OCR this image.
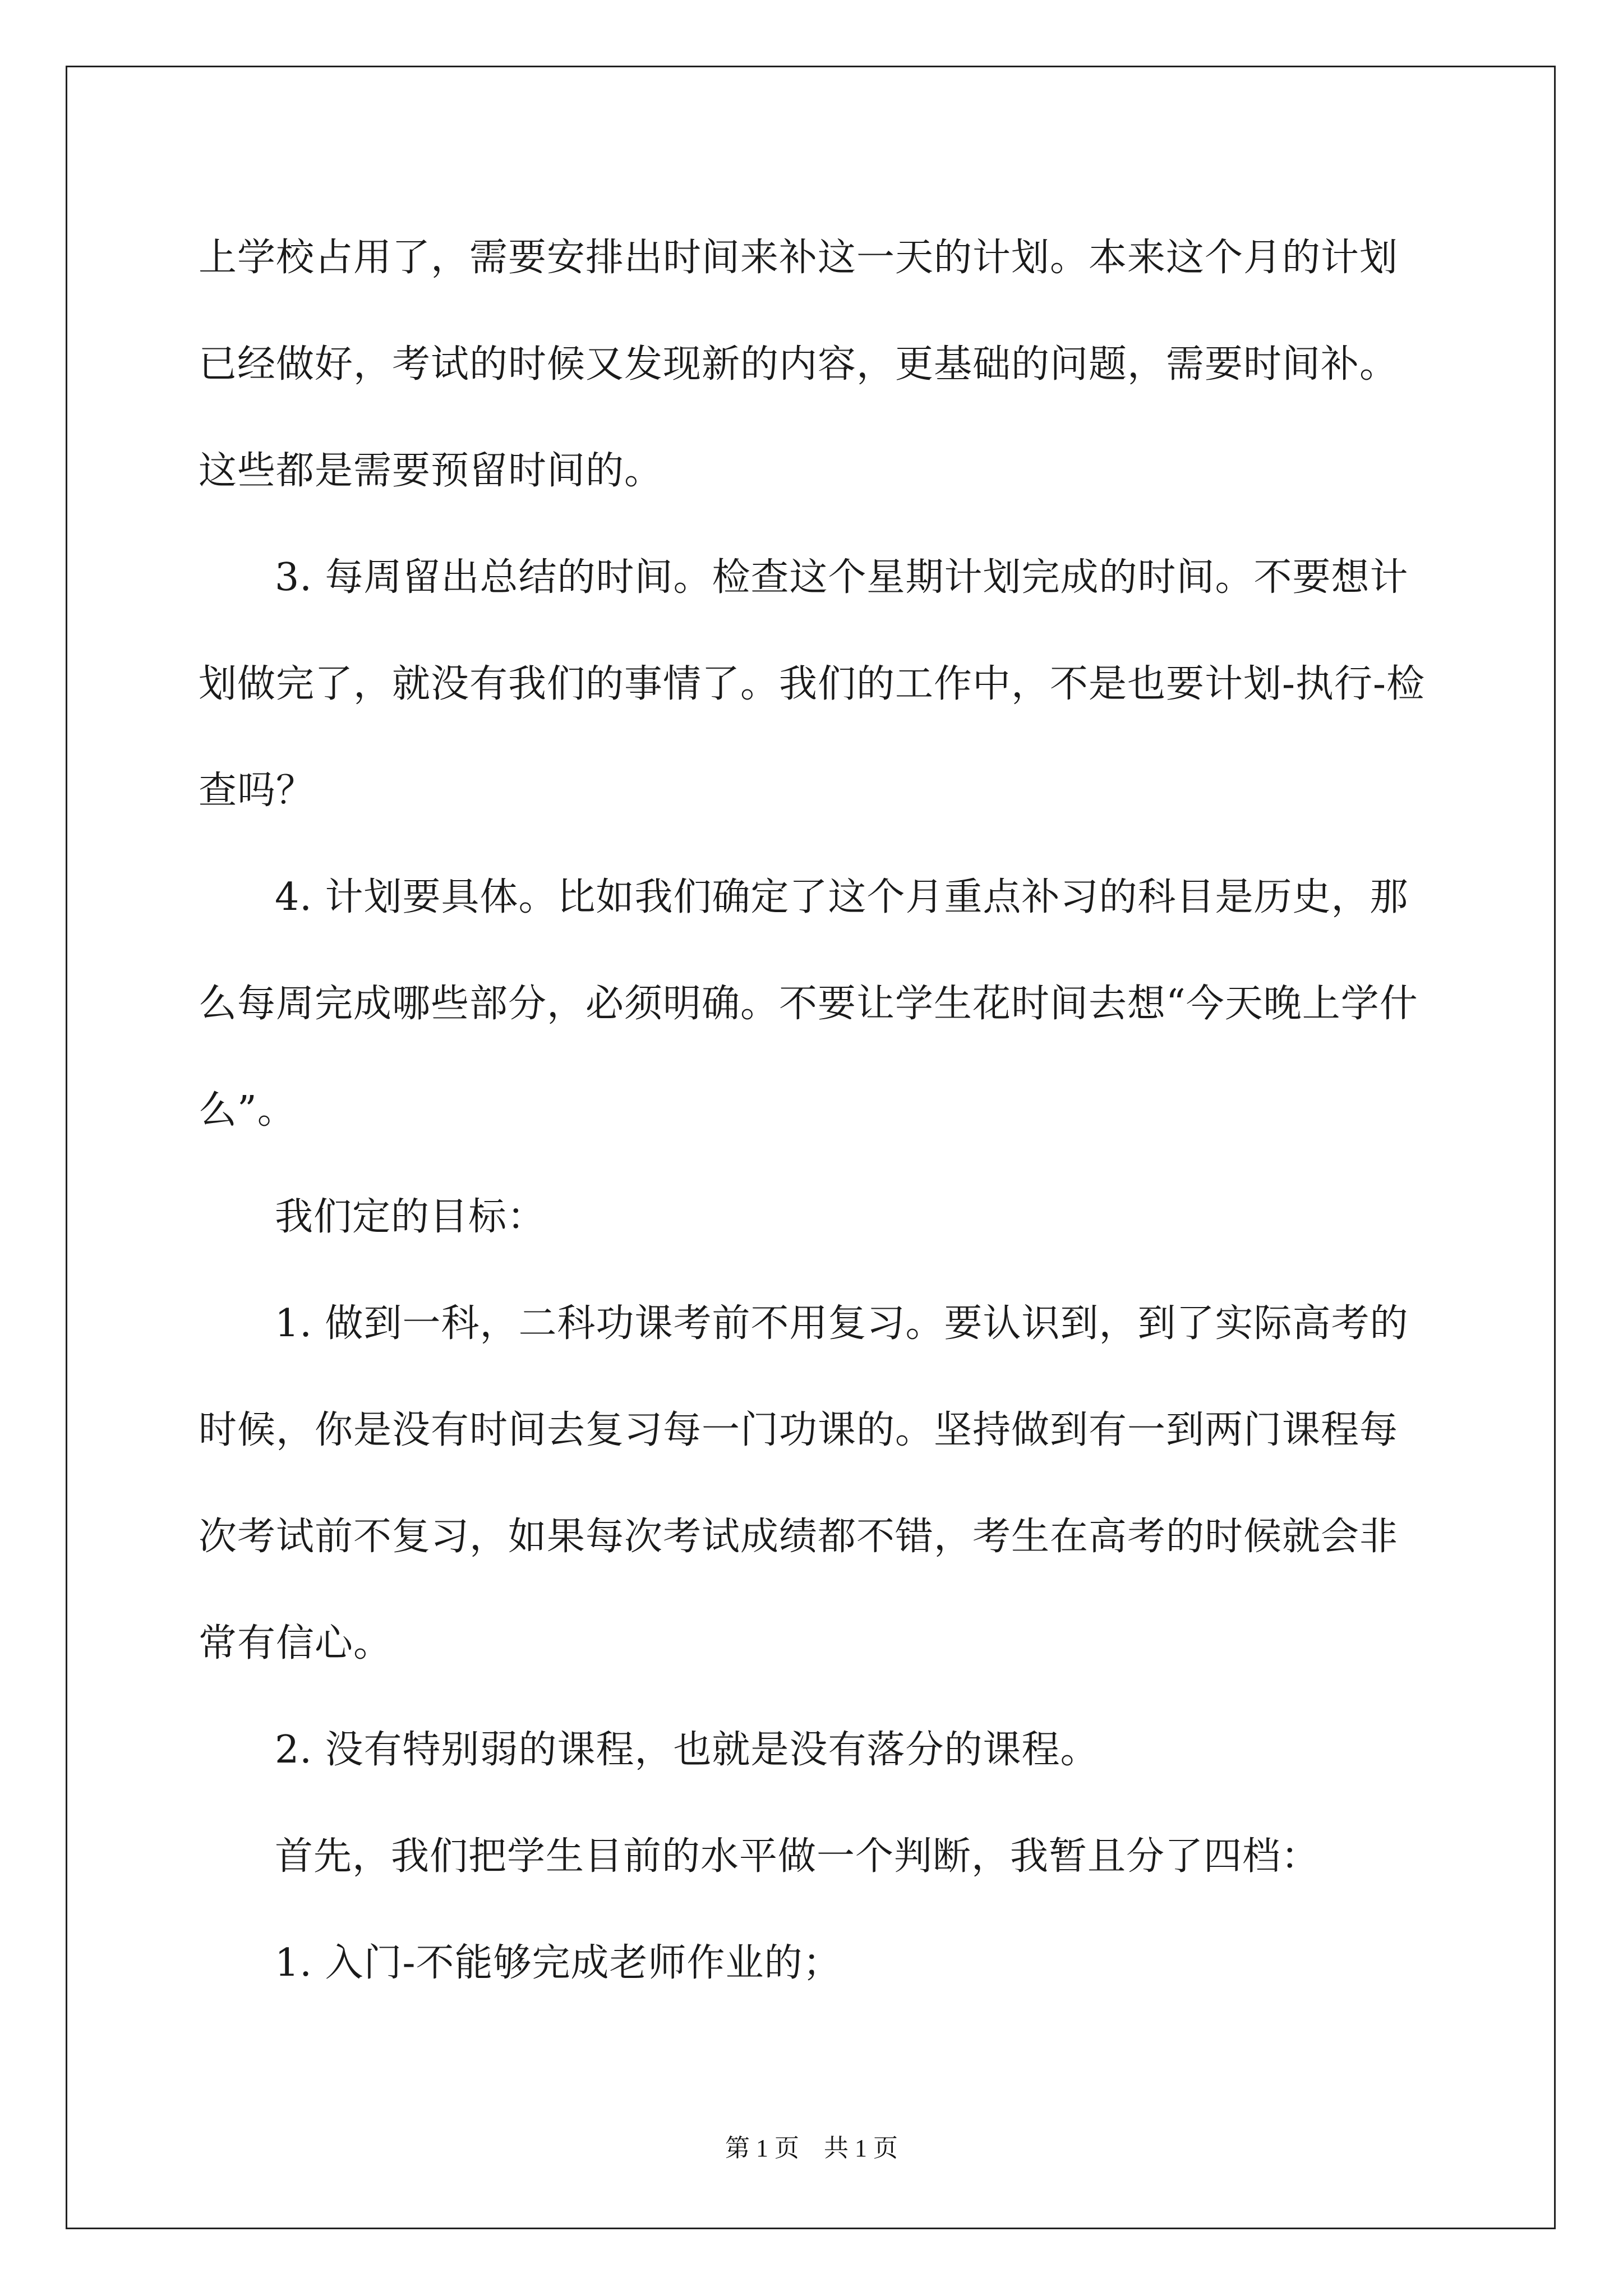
上学校占用了，需要安排出时间来补这一天的计划。本来这个月的计划已经做好，考试的时候又发现新的内容，更基础的问题，需要时间补。这些都是需要预留时间的。

3. 每周留出总结的时间。检查这个星期计划完成的时间。不要想计划做完了，就没有我们的事情了。我们的工作中，不是也要计划-执行-检查吗？

4. 计划要具体。比如我们确定了这个月重点补习的科目是历史，那么每周完成哪些部分，必须明确。不要让学生花时间去想“今天晚上学什么”。

我们定的目标：

1. 做到一科，二科功课考前不用复习。要认识到，到了实际高考的时候，你是没有时间去复习每一门功课的。坚持做到有一到两门课程每次考试前不复习，如果每次考试成绩都不错，考生在高考的时候就会非常有信心。

2. 没有特别弱的课程，也就是没有落分的课程。

首先，我们把学生目前的水平做一个判断，我暂且分了四档：

1. 入门-不能够完成老师作业的；

第 1 页　共 1 页
